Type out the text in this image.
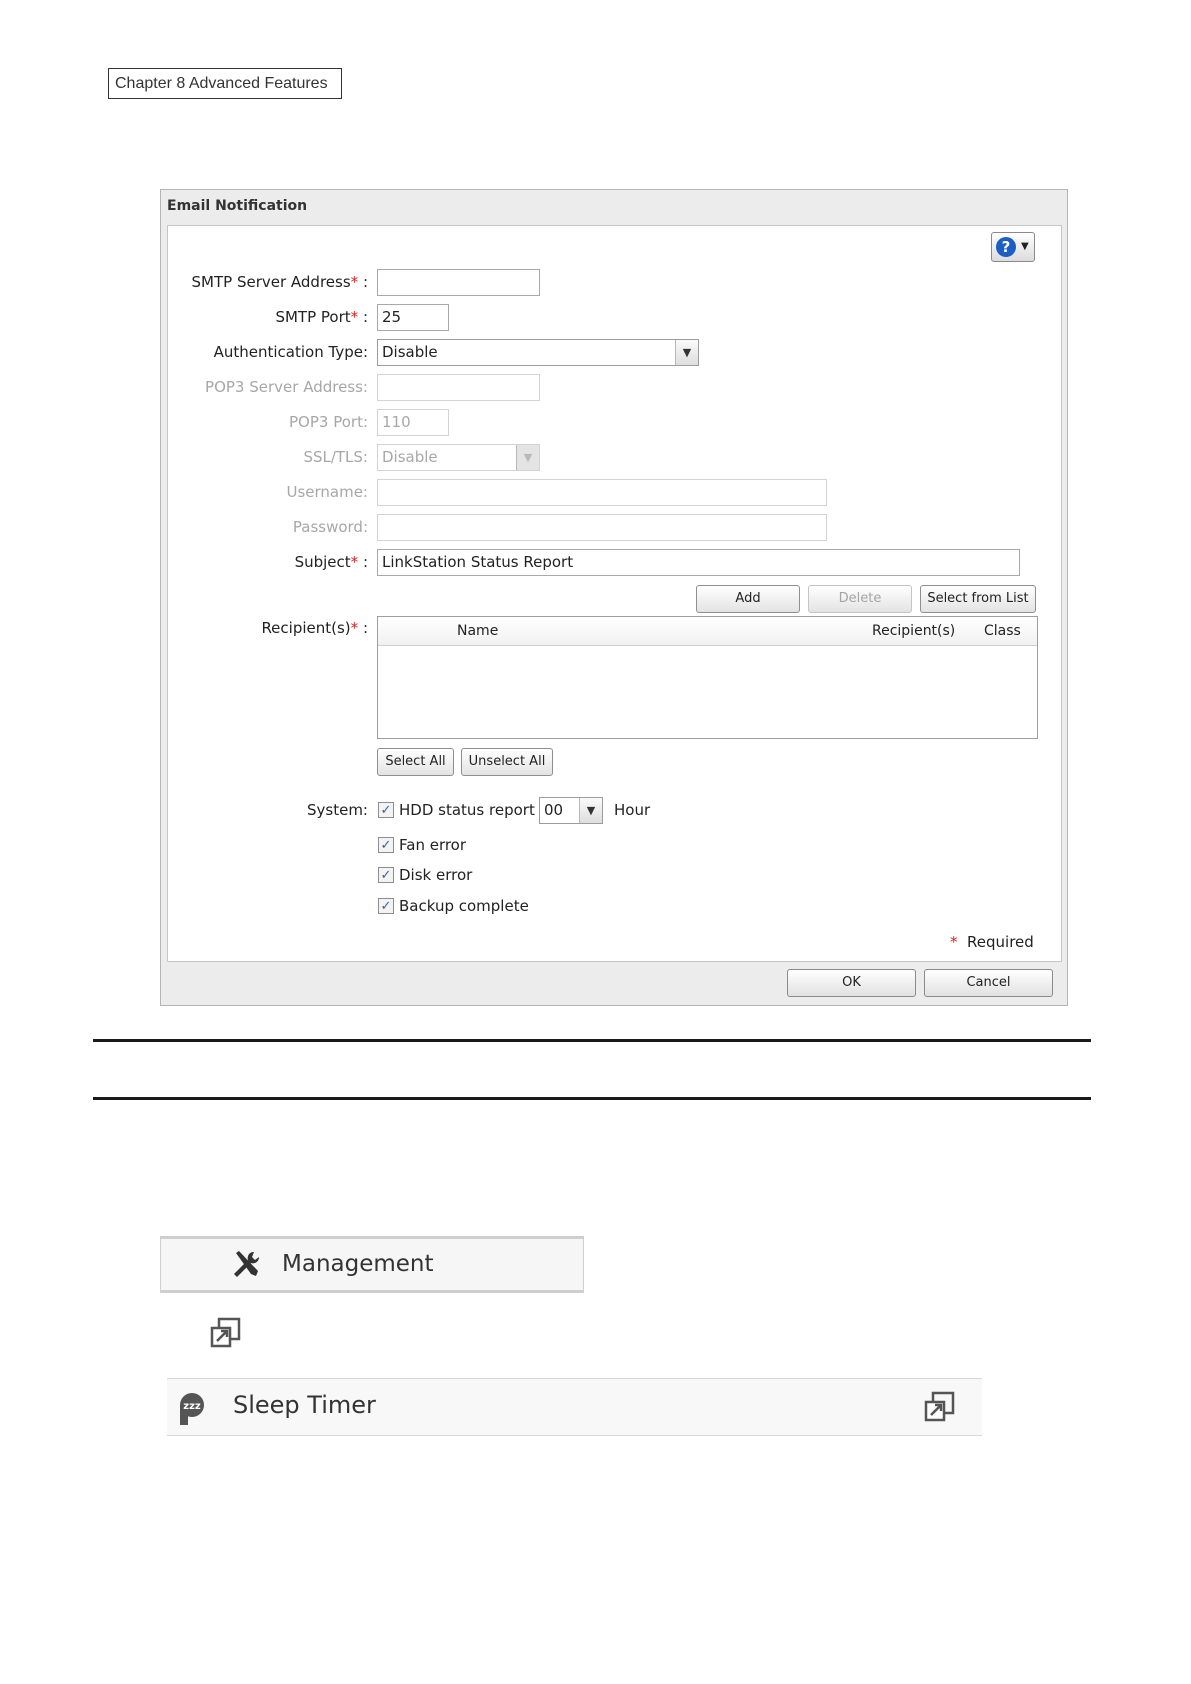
Chapter 8 Advanced Features
Email Notification
?	▼
SMTP Server Address* :
SMTP Port* : 25
Authentication Type: Disable	▼
POP3 Server Address:
POP3 Port: 110
SSL/TLS: Disable	▼
Username:
Password:
Subject* : LinkStation Status Report
Add	Delete	Select from List
Recipient(s)* :	Name	Recipient(s) Class
Select All	Unselect All
System: ✓ HDD status report 00	▼	Hour
✓ Fan error
✓ Disk error
✓ Backup complete
* Required
OK	Cancel
Management
zzz Sleep Timer
